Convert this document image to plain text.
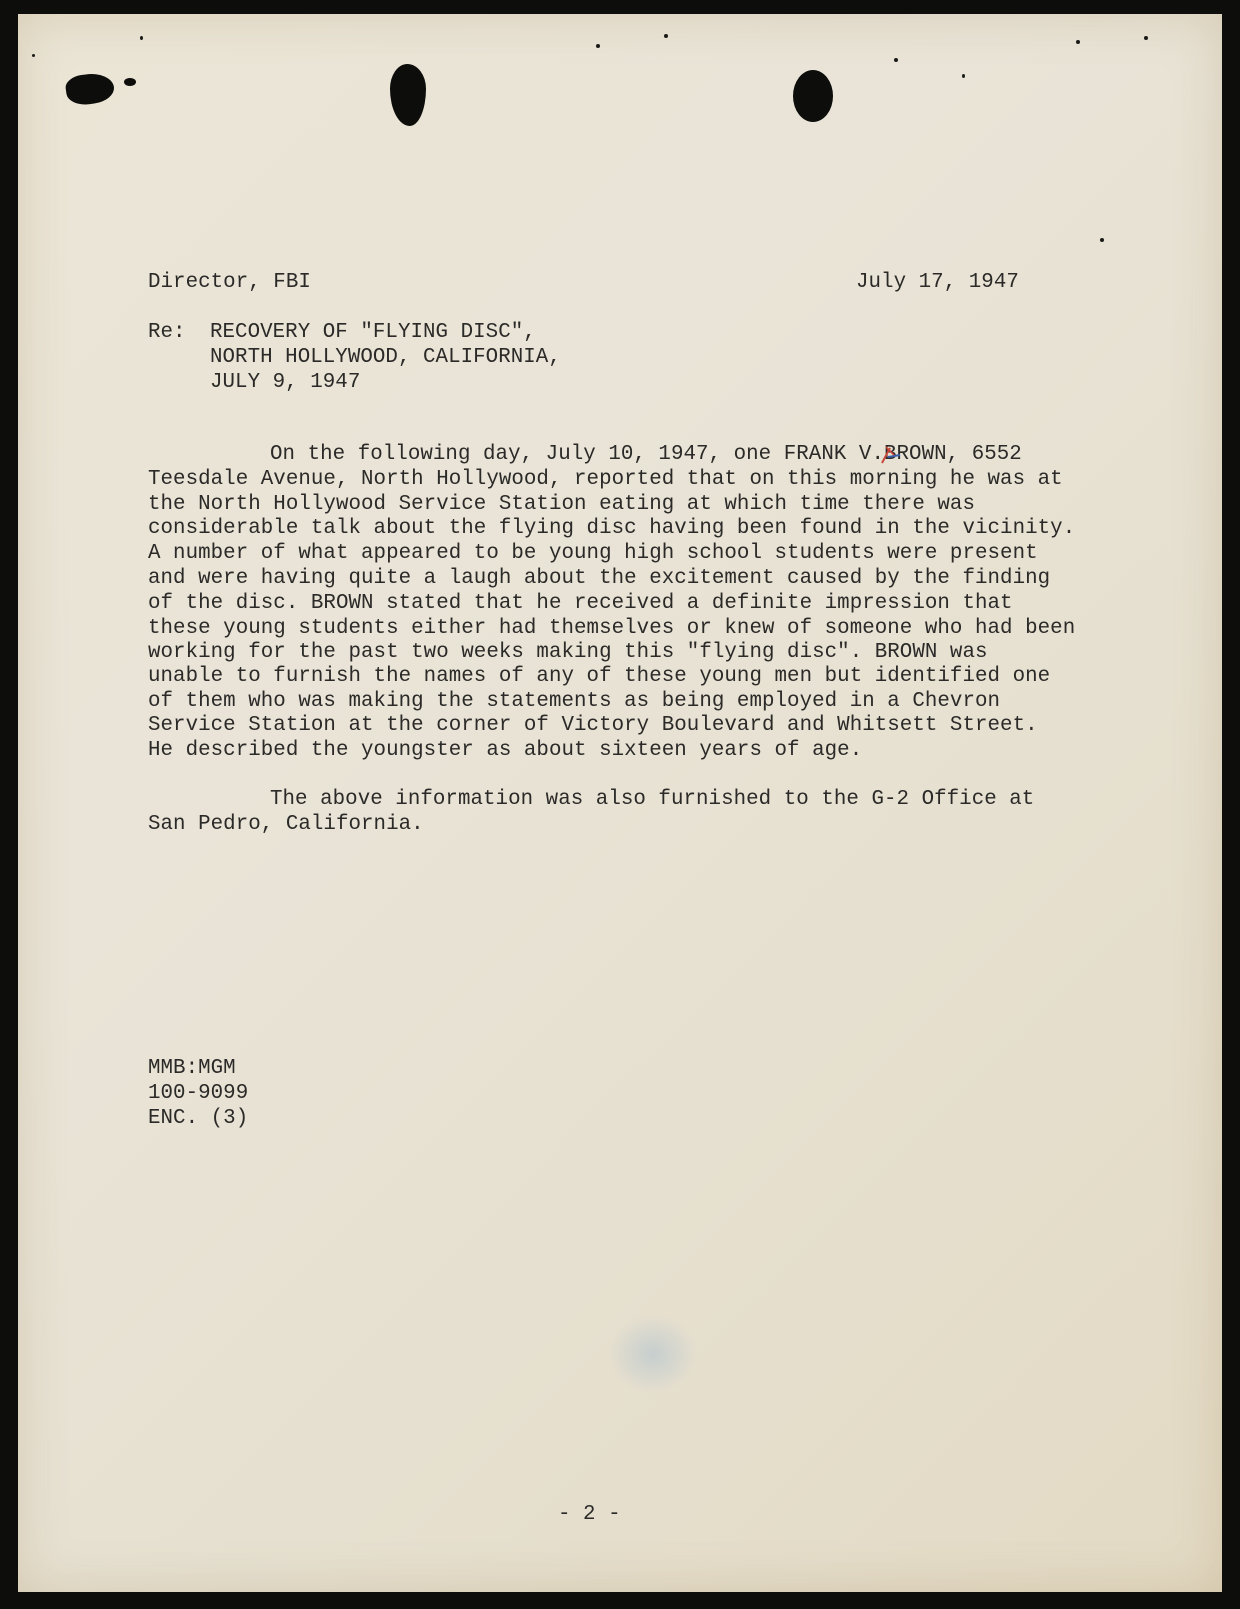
Director, FBI	July 17, 1947
Re: RECOVERY OF "FLYING DISC",
NORTH HOLLYWOOD, CALIFORNIA,
JULY 9, 1947
On the following day, July 10, 1947, one FRANK V.
BROWN, 6552
Teesdale Avenue, North Hollywood, reported that on this morning he was at
the North Hollywood Service Station eating at which time there was
considerable talk about the flying disc having been found in the vicinity.
A number of what appeared to be young high school students were present
and were having quite a laugh about the excitement caused by the finding
of the disc. BROWN stated that he received a definite impression that
these young students either had themselves or knew of someone who had been
working for the past two weeks making this "flying disc". BROWN was
unable to furnish the names of any of these young men but identified one
of them who was making the statements as being employed in a Chevron
Service Station at the corner of Victory Boulevard and Whitsett Street.
He described the youngster as about sixteen years of age.
The above information was also furnished to the G-2 Office at
San Pedro, California.
MMB:MGM
100-9099
ENC. (3)
- 2 -
